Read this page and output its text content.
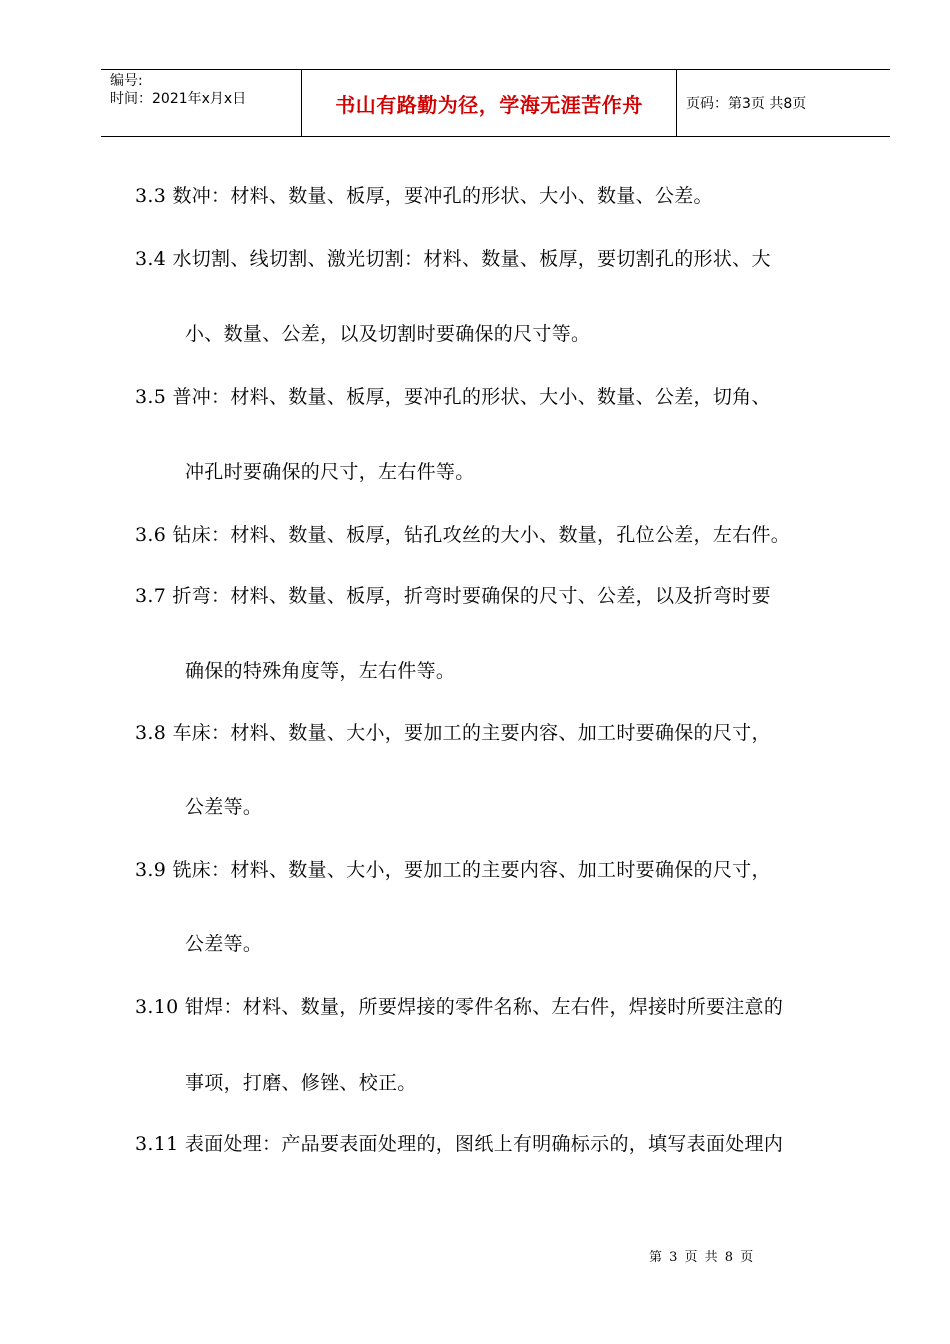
编号:
时间：2021年x月x日	书山有路勤为径，学海无涯苦作舟	页码：第3页 共8页
3.3 数冲：材料、数量、板厚，要冲孔的形状、大小、数量、公差。
3.4 水切割、线切割、激光切割：材料、数量、板厚，要切割孔的形状、大
小、数量、公差，以及切割时要确保的尺寸等。
3.5 普冲：材料、数量、板厚，要冲孔的形状、大小、数量、公差，切角、
冲孔时要确保的尺寸，左右件等。
3.6 钻床：材料、数量、板厚，钻孔攻丝的大小、数量，孔位公差，左右件。
3.7 折弯：材料、数量、板厚，折弯时要确保的尺寸、公差，以及折弯时要
确保的特殊角度等，左右件等。
3.8 车床：材料、数量、大小，要加工的主要内容、加工时要确保的尺寸，
公差等。
3.9 铣床：材料、数量、大小，要加工的主要内容、加工时要确保的尺寸，
公差等。
3.10 钳焊：材料、数量，所要焊接的零件名称、左右件，焊接时所要注意的
事项，打磨、修锉、校正。
3.11 表面处理：产品要表面处理的，图纸上有明确标示的，填写表面处理内
第 3 页 共 8 页
